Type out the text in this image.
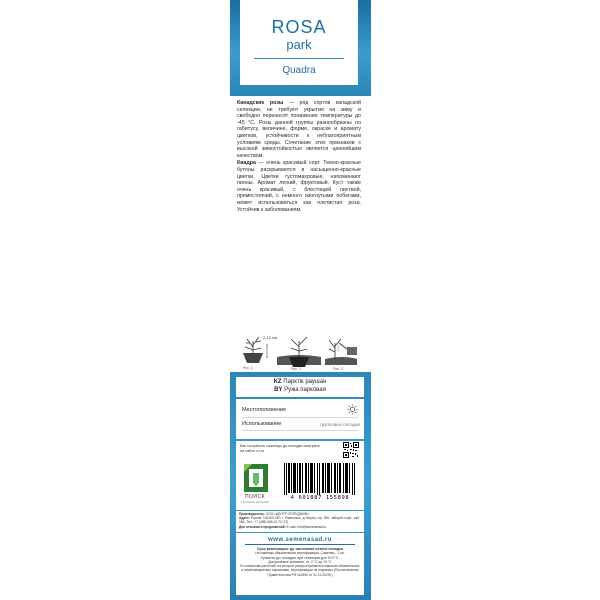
ROSA
park
Quadra

Канадские розы — ряд сортов канадской селекции, не требуют укрытия на зиму и свободно переносят понижения температуры до -45 °С. Розы данной группы разнообразны по габитусу, величине, форме, окраске и аромату цветков, устойчивости к неблагоприятным условиям среды. Сочетание этих признаков с высокой зимостойкостью является ценнейшим качеством.

Квадра — очень красивый сорт. Темно-красные бутоны раскрываются в насыщенно-красные цветки. Цветки густомахровые, напоминают пионы. Аромат легкий, фруктовый. Куст также очень красивый, с блестящей листвой, прямостоячий, с немного изогнутыми побегами, может использоваться как плетистая роза. Устойчив к заболеваниям.

2-12 см
Рис. 1	Рис. 2	Рис. 3
KZ Парктік раушан
BY Ружа парковая
Местоположение
Использование	групповые посадки
Как сохранить саженцы до посадки смотрите на сайте ru.ru
ПОИСК
Питомник растений
4 601887 155898
Производитель: ООО «ЦЕНТР ОГОРОДНИК»
Адрес: Россия, 140153, МО, г. Раменское, д. Верея, стр. 500, лаборат. корп., каб. 28А. Тел.: +7 (495) 668-10-72 (73)
Для отзывов и предложений: E-mail: info@semenasad.ru
www.semenasad.ru
Срок реализации: до окончания сезона посадки
На саженцы обязательная сертификация. Саженец - 1 шт.
Хранить до посадки при температуре 0+2°С.
Допускаемое хранение: от -2 °С до +5 °С
В отношении растений, на которых распространяются законом обязательные и семеноводческие нормативы, сертификации не подлежат (Постановление Правительства РФ №2450 от 31.12.2020г.)
